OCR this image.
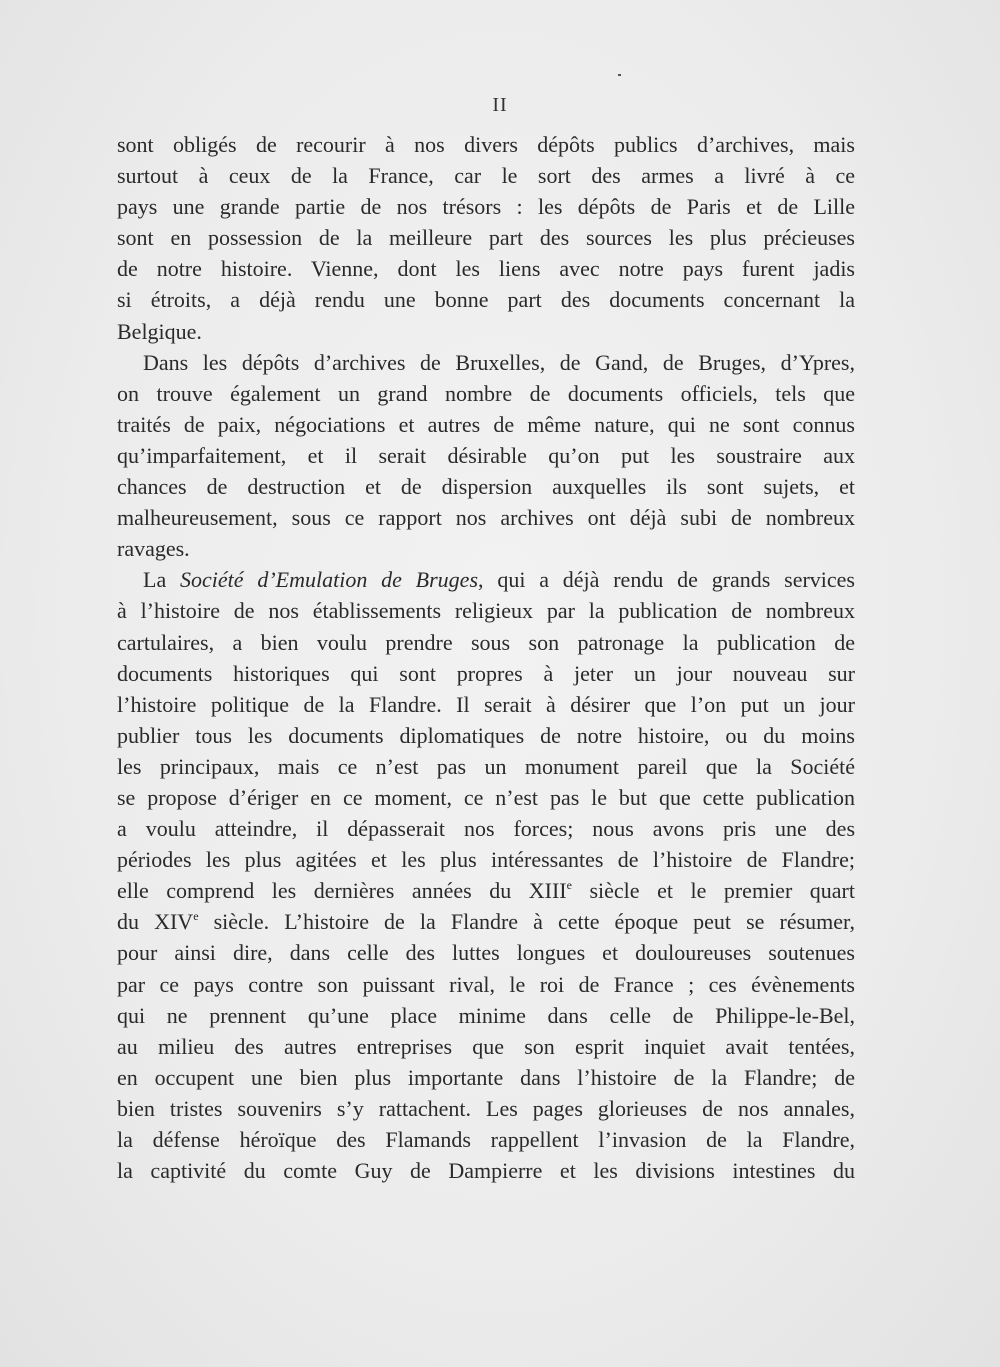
II
sont obligés de recourir à nos divers dépôts publics d’archives, mais
surtout à ceux de la France, car le sort des armes a livré à ce
pays une grande partie de nos trésors : les dépôts de Paris et de Lille
sont en possession de la meilleure part des sources les plus précieuses
de notre histoire. Vienne, dont les liens avec notre pays furent jadis
si étroits, a déjà rendu une bonne part des documents concernant la
Belgique.
Dans les dépôts d’archives de Bruxelles, de Gand, de Bruges, d’Ypres,
on trouve également un grand nombre de documents officiels, tels que
traités de paix, négociations et autres de même nature, qui ne sont connus
qu’imparfaitement, et il serait désirable qu’on put les soustraire aux
chances de destruction et de dispersion auxquelles ils sont sujets, et
malheureusement, sous ce rapport nos archives ont déjà subi de nombreux
ravages.
La Société d’Emulation de Bruges, qui a déjà rendu de grands services
à l’histoire de nos établissements religieux par la publication de nombreux
cartulaires, a bien voulu prendre sous son patronage la publication de
documents historiques qui sont propres à jeter un jour nouveau sur
l’histoire politique de la Flandre. Il serait à désirer que l’on put un jour
publier tous les documents diplomatiques de notre histoire, ou du moins
les principaux, mais ce n’est pas un monument pareil que la Société
se propose d’ériger en ce moment, ce n’est pas le but que cette publication
a voulu atteindre, il dépasserait nos forces; nous avons pris une des
périodes les plus agitées et les plus intéressantes de l’histoire de Flandre;
elle comprend les dernières années du XIIIe siècle et le premier quart
du XIVe siècle. L’histoire de la Flandre à cette époque peut se résumer,
pour ainsi dire, dans celle des luttes longues et douloureuses soutenues
par ce pays contre son puissant rival, le roi de France ; ces évènements
qui ne prennent qu’une place minime dans celle de Philippe-le-Bel,
au milieu des autres entreprises que son esprit inquiet avait tentées,
en occupent une bien plus importante dans l’histoire de la Flandre; de
bien tristes souvenirs s’y rattachent. Les pages glorieuses de nos annales,
la défense héroïque des Flamands rappellent l’invasion de la Flandre,
la captivité du comte Guy de Dampierre et les divisions intestines du
